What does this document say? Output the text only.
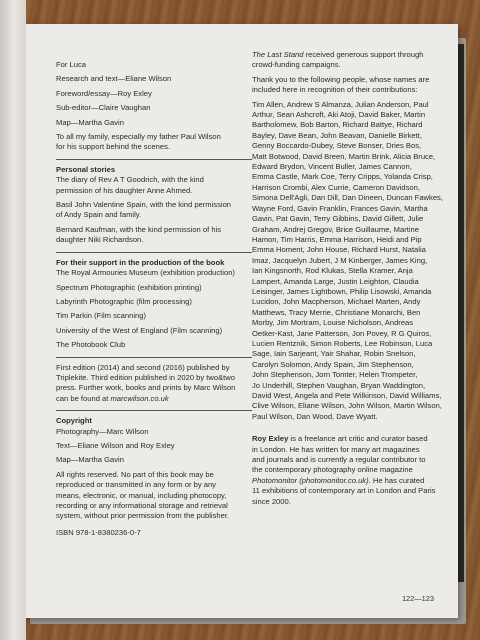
For Luca
Research and text—Eliane Wilson
Foreword/essay—Roy Exley
Sub-editor—Claire Vaughan
Map—Martha Gavin
To all my family, especially my father Paul Wilson
for his support behind the scenes.
Personal stories
The diary of Rev A T Goodrich, with the kind
permission of his daughter Anne Ahmed.
Basil John Valentine Spain, with the kind permission
of Andy Spain and family.
Bernard Kaufman, with the kind permission of his
daughter Niki Richardson.
For their support in the production of the book
The Royal Armouries Museum (exhibition production)
Spectrum Photographic (exhibition printing)
Labyrinth Photographic (film processing)
Tim Parkin (Film scanning)
University of the West of England (Film scanning)
The Photobook Club
First edition (2014) and second (2016) published by
Triplekite. Third edition published in 2020 by two&two
press. Further work, books and prints by Marc Wilson
can be found at marcwilson.co.uk
Copyright
Photography—Marc Wilson
Text—Eliane Wilson and Roy Exley
Map—Martha Gavin
All rights reserved. No part of this book may be
reproduced or transmitted in any form or by any
means, electronic, or manual, including photocopy,
recording or any informational storage and retrieval
system, without prior permission from the publisher.
ISBN 978-1-8380236-0-7
The Last Stand received generous support through
crowd-funding campaigns.
Thank you to the following people, whose names are
included here in recognition of their contributions:
Tim Allen, Andrew S Almanza, Julian Anderson, Paul
Arthur, Sean Ashcroft, Aki Atoji, David Baker, Martin
Bartholomew, Bob Barton, Richard Battye, Richard
Bayley, Dave Bean, John Beavan, Danielle Birkett,
Genny Boccardo-Dubey, Steve Bonser, Dries Bos,
Matt Botwood, David Breen, Martin Brink, Alicia Bruce,
Edward Brydon, Vincent Buller, James Cannon,
Emma Castle, Mark Coe, Terry Cripps, Yolanda Crisp,
Harrison Crombi, Alex Currie, Cameron Davidson,
Simona Dell'Agli, Dan Dill, Dan Dineen, Duncan Fawkes,
Wayne Ford, Gavin Franklin, Frances Gavin, Martha
Gavin, Pat Gavin, Terry Gibbins, David Gillett, Julie
Graham, Andrej Gregov, Brice Guillaume, Martine
Hamon, Tim Harris, Emma Harrison, Heidi and Pip
Emma Homent, John House, Richard Hurst, Natalia
Imaz, Jacquelyn Jubert, J M Kinberger, James King,
Ian Kingsnorth, Rod Klukas, Stella Kramer, Anja
Lampert, Amanda Large, Justin Leighton, Claudia
Leisinger, James Lightbown, Philip Lisowski, Amanda
Lucidon, John Macpherson, Michael Marten, Andy
Matthews, Tracy Merrie, Christiane Monarchi, Ben
Morby, Jim Mortram, Louise Nicholson, Andreas
Oetker-Kast, Jane Patterson, Jon Povey, R G Quiros,
Lucien Rentznik, Simon Roberts, Lee Robinson, Luca
Sage, Iain Sarjeant, Yair Shahar, Robin Snelson,
Carolyn Solomon, Andy Spain, Jim Stephenson,
John Stephenson, Jorn Tomter, Helen Trompeter,
Jo Underhill, Stephen Vaughan, Bryan Waddington,
David West, Angela and Pete Wilkinson, David Williams,
Clive Wilson, Eliane Wilson, John Wilson, Martin Wilson,
Paul Wilson, Dan Wood, Dave Wyatt.
Roy Exley is a freelance art critic and curator based
in London. He has written for many art magazines
and journals and is currently a regular contributor to
the contemporary photography online magazine
Photomonitor (photomonitor.co.uk). He has curated
11 exhibitions of contemporary art in London and Paris
since 2000.
122—123
